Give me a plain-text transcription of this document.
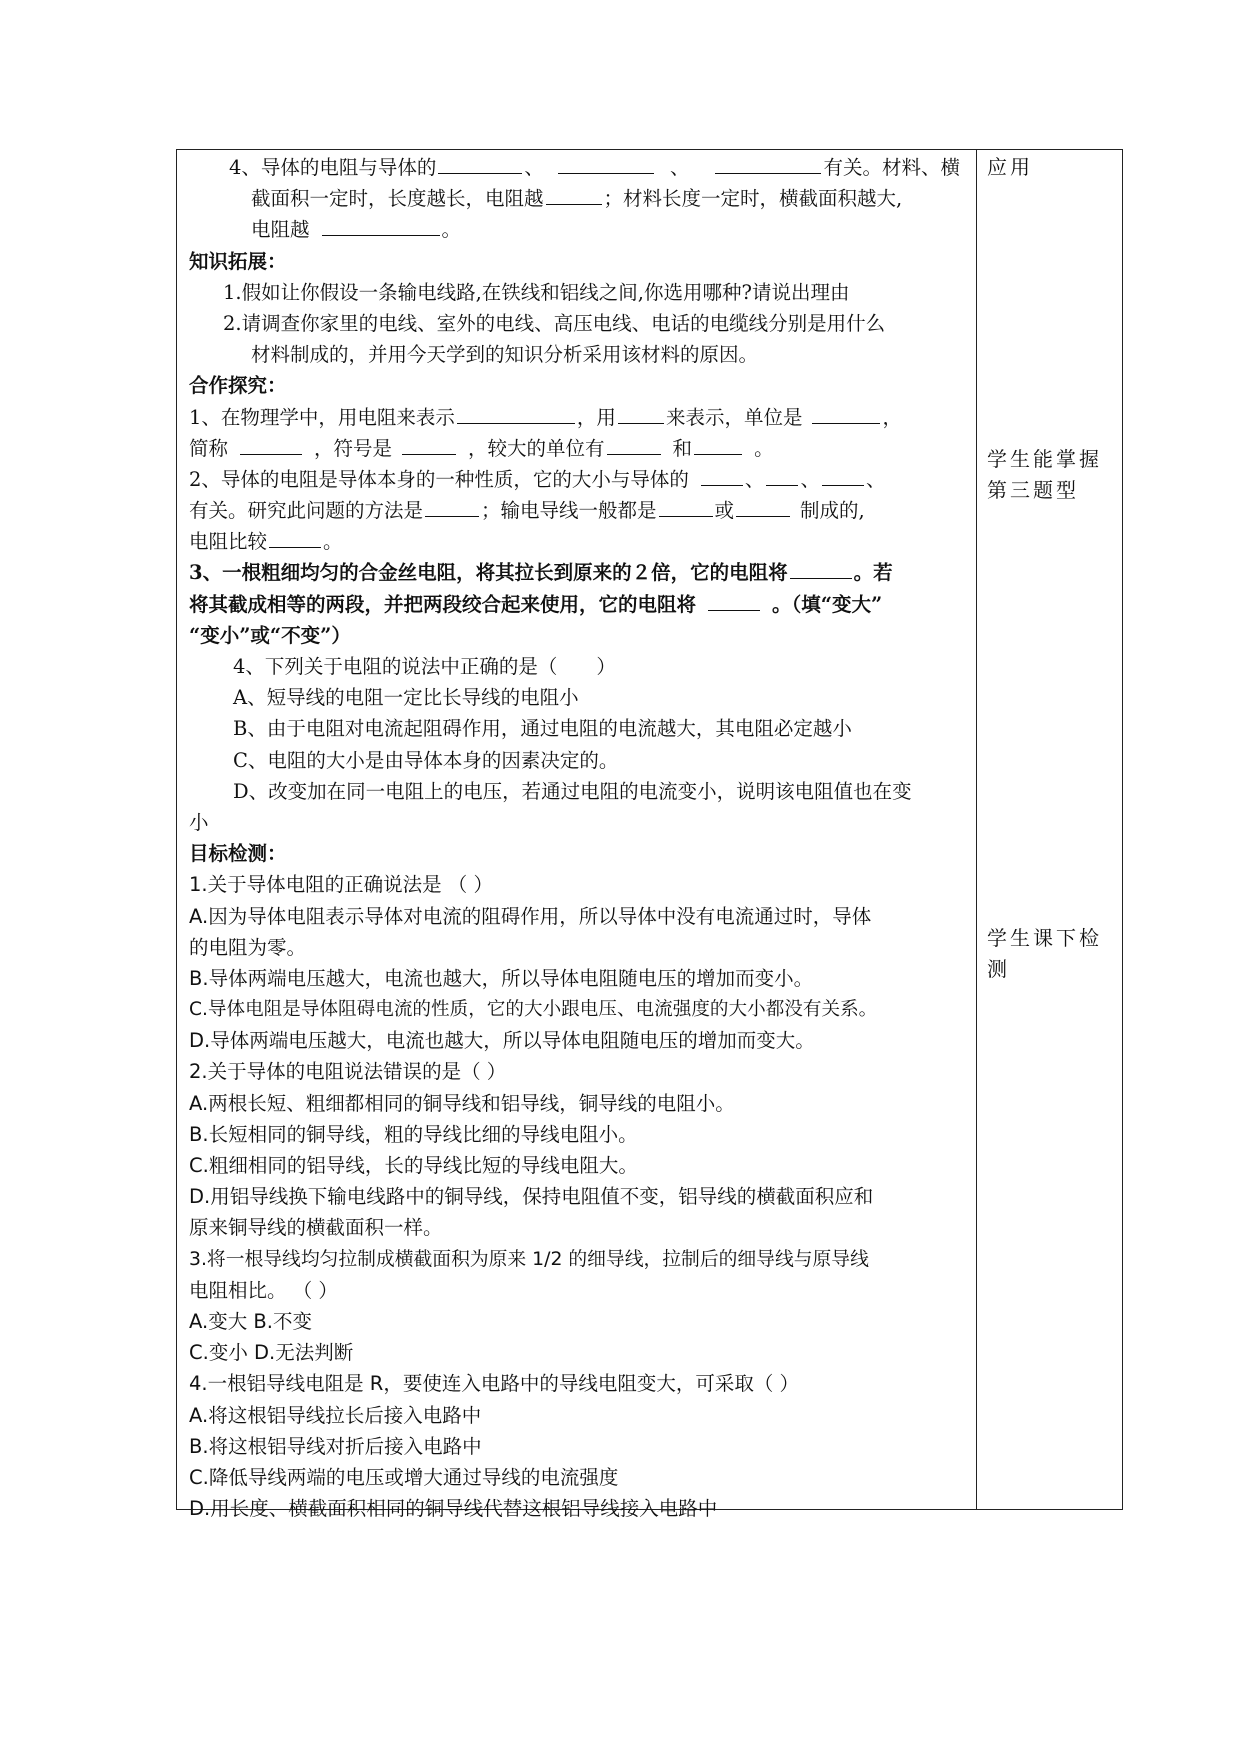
4、导体的电阻与导体的	、	、	有关。材料、横
截面积一定时，长度越长，电阻越	；材料长度一定时，横截面积越大,
电阻越	。
知识拓展：
1.假如让你假设一条输电线路,在铁线和铝线之间,你选用哪种?请说出理由
2.请调查你家里的电线、室外的电线、高压电线、电话的电缆线分别是用什么
材料制成的，并用今天学到的知识分析采用该材料的原因。
合作探究：
1、在物理学中，用电阻来表示	，用	来表示，单位是	，
简称	，符号是	，较大的单位有	和	。
2、导体的电阻是导体本身的一种性质，它的大小与导体的	、 、 、
有关。研究此问题的方法是	；输电导线一般都是	或	制成的,
电阻比较	。
3、一根粗细均匀的合金丝电阻，将其拉长到原来的２倍，它的电阻将	。若
将其截成相等的两段，并把两段绞合起来使用，它的电阻将	。（填“变大”
“变小”或“不变”）
4、下列关于电阻的说法中正确的是（　　）
A、短导线的电阻一定比长导线的电阻小
B、由于电阻对电流起阻碍作用，通过电阻的电流越大，其电阻必定越小
C、电阻的大小是由导体本身的因素决定的。
D、改变加在同一电阻上的电压，若通过电阻的电流变小，说明该电阻值也在变
小
目标检测：
1.关于导体电阻的正确说法是 （ ）
A.因为导体电阻表示导体对电流的阻碍作用，所以导体中没有电流通过时，导体
的电阻为零。
B.导体两端电压越大，电流也越大，所以导体电阻随电压的增加而变小。
C.导体电阻是导体阻碍电流的性质，它的大小跟电压、电流强度的大小都没有关系。
D.导体两端电压越大，电流也越大，所以导体电阻随电压的增加而变大。
2.关于导体的电阻说法错误的是（ ）
A.两根长短、粗细都相同的铜导线和铝导线，铜导线的电阻小。
B.长短相同的铜导线，粗的导线比细的导线电阻小。
C.粗细相同的铝导线，长的导线比短的导线电阻大。
D.用铝导线换下输电线路中的铜导线，保持电阻值不变，铝导线的横截面积应和
原来铜导线的横截面积一样。
3.将一根导线均匀拉制成横截面积为原来 1/2 的细导线，拉制后的细导线与原导线
电阻相比。 （ ）
A.变大 B.不变
C.变小 D.无法判断
4.一根铝导线电阻是 R，要使连入电路中的导线电阻变大，可采取（ ）
A.将这根铝导线拉长后接入电路中
B.将这根铝导线对折后接入电路中
C.降低导线两端的电压或增大通过导线的电流强度
D.用长度、横截面积相同的铜导线代替这根铝导线接入电路中
应用
学生能掌握
第三题型
学生课下检
测
